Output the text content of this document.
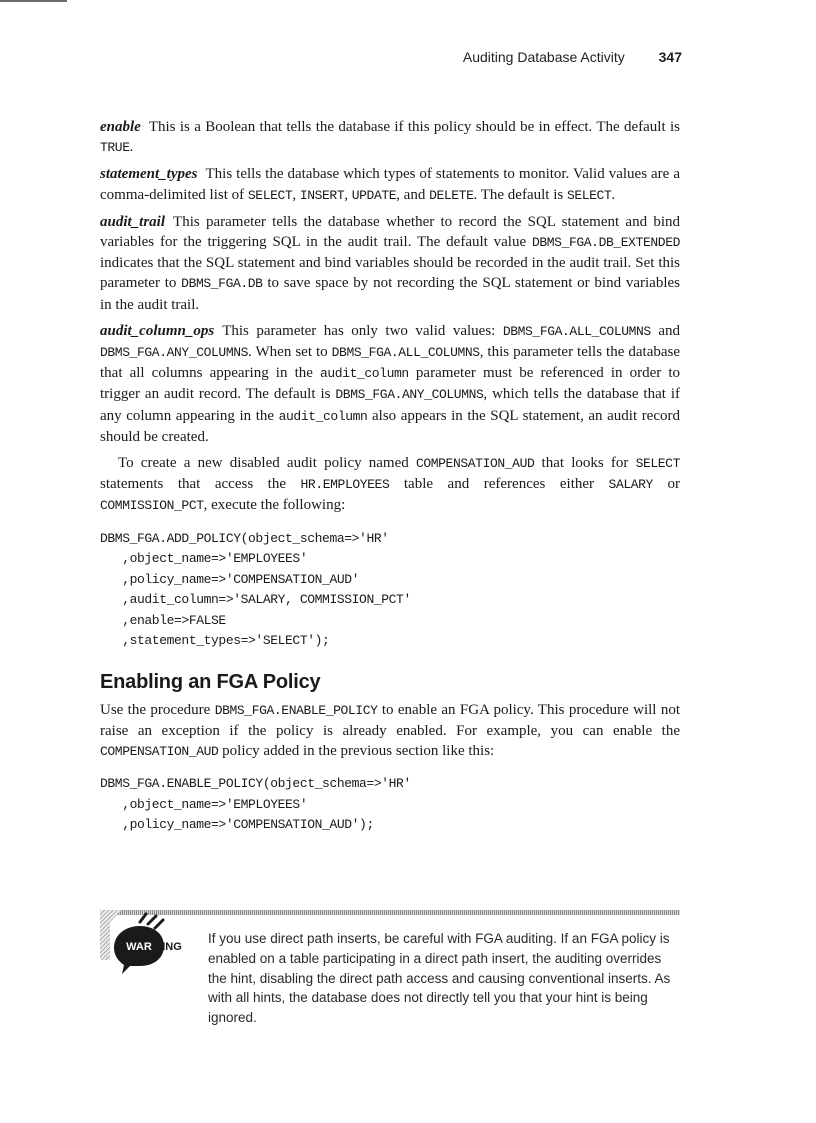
Auditing Database Activity 347

enable This is a Boolean that tells the database if this policy should be in effect. The default is TRUE.

statement_types This tells the database which types of statements to monitor. Valid values are a comma-delimited list of SELECT, INSERT, UPDATE, and DELETE. The default is SELECT.

audit_trail This parameter tells the database whether to record the SQL statement and bind variables for the triggering SQL in the audit trail. The default value DBMS_FGA.DB_EXTENDED indicates that the SQL statement and bind variables should be recorded in the audit trail. Set this parameter to DBMS_FGA.DB to save space by not recording the SQL statement or bind variables in the audit trail.

audit_column_ops This parameter has only two valid values: DBMS_FGA.ALL_COLUMNS and DBMS_FGA.ANY_COLUMNS. When set to DBMS_FGA.ALL_COLUMNS, this parameter tells the database that all columns appearing in the audit_column parameter must be referenced in order to trigger an audit record. The default is DBMS_FGA.ANY_COLUMNS, which tells the database that if any column appearing in the audit_column also appears in the SQL statement, an audit record should be created.

To create a new disabled audit policy named COMPENSATION_AUD that looks for SELECT statements that access the HR.EMPLOYEES table and references either SALARY or COMMISSION_PCT, execute the following:

DBMS_FGA.ADD_POLICY(object_schema=>'HR'
,object_name=>'EMPLOYEES'
,policy_name=>'COMPENSATION_AUD'
,audit_column=>'SALARY, COMMISSION_PCT'
,enable=>FALSE
,statement_types=>'SELECT');
Enabling an FGA Policy

Use the procedure DBMS_FGA.ENABLE_POLICY to enable an FGA policy. This procedure will not raise an exception if the policy is already enabled. For example, you can enable the COMPENSATION_AUD policy added in the previous section like this:

DBMS_FGA.ENABLE_POLICY(object_schema=>'HR'
,object_name=>'EMPLOYEES'
,policy_name=>'COMPENSATION_AUD');
WAR NING
If you use direct path inserts, be careful with FGA auditing. If an FGA policy is enabled on a table participating in a direct path insert, the auditing overrides the hint, disabling the direct path access and causing conventional inserts. As with all hints, the database does not directly tell you that your hint is being ignored.
